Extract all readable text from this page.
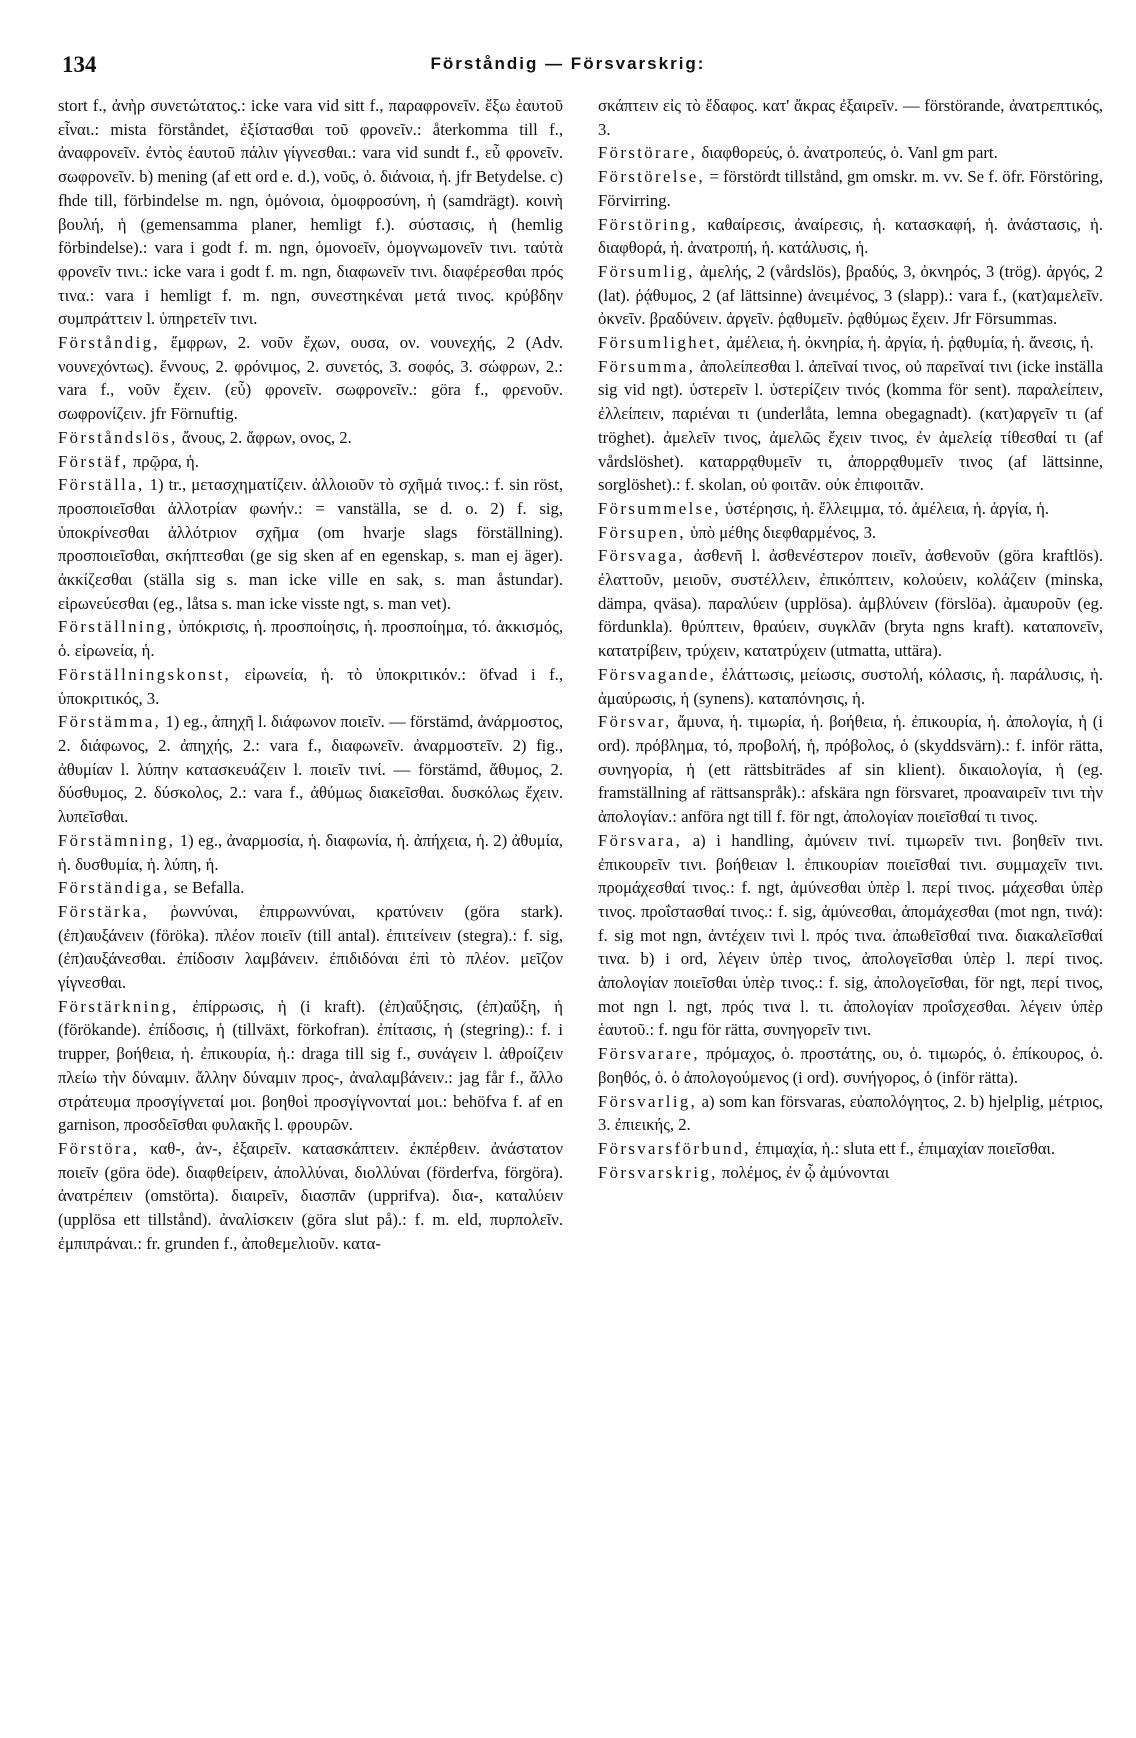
134	Förståndig — Försvarskrig:

stort f., ἀνὴρ συνετώτατος.: icke vara vid sitt f., παραφρονεῖν. ἔξω ἑαυτοῦ εἶναι.: mista förståndet, ἐξίστασθαι τοῦ φρονεῖν.: återkomma till f., ἀναφρονεῖν. ἐντὸς ἑαυτοῦ πάλιν γίγνεσθαι.: vara vid sundt f., εὖ φρονεῖν. σωφρονεῖν. b) mening (af ett ord e. d.), νοῦς, ὁ. διάνοια, ἡ. jfr Betydelse. c) fhde till, förbindelse m. ngn, ὁμόνοια, ὁμοφροσύνη, ἡ (samdrägt). κοινὴ βουλή, ἡ (gemensamma planer, hemligt f.). σύστασις, ἡ (hemlig förbindelse).: vara i godt f. m. ngn, ὁμονοεῖν, ὁμογνωμονεῖν τινι. ταὐτὰ φρονεῖν τινι.: icke vara i godt f. m. ngn, διαφωνεῖν τινι. διαφέρεσθαι πρός τινα.: vara i hemligt f. m. ngn, συνεστηκέναι μετά τινος. κρύβδην συμπράττειν l. ὑπηρετεῖν τινι.

Förståndig, ἔμφρων, 2. νοῦν ἔχων, ουσα, ον. νουνεχής, 2 (Adv. νουνεχόντως). ἔννους, 2. φρόνιμος, 2. συνετός, 3. σοφός, 3. σώφρων, 2.: vara f., νοῦν ἔχειν. (εὖ) φρονεῖν. σωφρονεῖν.: göra f., φρενοῦν. σωφρονίζειν. jfr Förnuftig.

Förståndslös, ἄνους, 2. ἄφρων, ονος, 2.

Förstäf, πρῷρα, ἡ.

Förställa, 1) tr., μετασχηματίζειν. ἀλλοιοῦν τὸ σχῆμά τινος.: f. sin röst, προσποιεῖσθαι ἀλλοτρίαν φωνήν.: = vanställa, se d. o. 2) f. sig, ὑποκρίνεσθαι ἀλλότριον σχῆμα (om hvarje slags förställning). προσποιεῖσθαι, σκήπτεσθαι (ge sig sken af en egenskap, s. man ej äger). ἀκκίζεσθαι (ställa sig s. man icke ville en sak, s. man åstundar). εἰρωνεύεσθαι (eg., låtsa s. man icke visste ngt, s. man vet).

Förställning, ὑπόκρισις, ἡ. προσποίησις, ἡ. προσποίημα, τό. ἀκκισμός, ὁ. εἰρωνεία, ἡ.

Förställningskonst, εἰρωνεία, ἡ. τὸ ὑποκριτικόν.: öfvad i f., ὑποκριτικός, 3.

Förstämma, 1) eg., ἀπηχῆ l. διάφωνον ποιεῖν. — förstämd, ἀνάρμοστος, 2. διάφωνος, 2. ἀπηχής, 2.: vara f., διαφωνεῖν. ἀναρμοστεῖν. 2) fig., ἀθυμίαν l. λύπην κατασκευάζειν l. ποιεῖν τινί. — förstämd, ἄθυμος, 2. δύσθυμος, 2. δύσκολος, 2.: vara f., ἀθύμως διακεῖσθαι. δυσκόλως ἔχειν. λυπεῖσθαι.

Förstämning, 1) eg., ἀναρμοσία, ἡ. διαφωνία, ἡ. ἀπήχεια, ἡ. 2) ἀθυμία, ἡ. δυσθυμία, ἡ. λύπη, ἡ.

Förständiga, se Befalla.

Förstärka, ῥωννύναι, ἐπιρρωννύναι, κρατύνειν (göra stark). (ἐπ)αυξάνειν (föröka). πλέον ποιεῖν (till antal). ἐπιτείνειν (stegra).: f. sig, (ἐπ)αυξάνεσθαι. ἐπίδοσιν λαμβάνειν. ἐπιδιδόναι ἐπὶ τὸ πλέον. μεῖζον γίγνεσθαι.

Förstärkning, ἐπίρρωσις, ἡ (i kraft). (ἐπ)αὔξησις, (ἐπ)αὔξη, ἡ (förökande). ἐπίδοσις, ἡ (tillväxt, förkofran). ἐπίτασις, ἡ (stegring).: f. i trupper, βοήθεια, ἡ. ἐπικουρία, ἡ.: draga till sig f., συνάγειν l. ἀθροίζειν πλείω τὴν δύναμιν. ἄλλην δύναμιν προς-, ἀναλαμβάνειν.: jag får f., ἄλλο στράτευμα προσγίγνεταί μοι. βοηθοὶ προσγίγνονταί μοι.: behöfva f. af en garnison, προσδεῖσθαι φυλακῆς l. φρουρῶν.

Förstöra, καθ-, ἀν-, ἐξαιρεῖν. κατασκάπτειν. ἐκπέρθειν. ἀνάστατον ποιεῖν (göra öde). διαφθείρειν, ἀπολλύναι, διολλύναι (förderfva, förgöra). ἀνατρέπειν (omstörta). διαιρεῖν, διασπᾶν (upprifva). δια-, καταλύειν (upplösa ett tillstånd). ἀναλίσκειν (göra slut på).: f. m. eld, πυρπολεῖν. ἐμπιπράναι.: fr. grunden f., ἀποθεμελιοῦν. κατα-

σκάπτειν εἰς τὸ ἔδαφος. κατ' ἄκρας ἐξαιρεῖν. — förstörande, ἀνατρεπτικός, 3.

Förstörare, διαφθορεύς, ὁ. ἀνατροπεύς, ὁ. Vanl gm part.

Förstörelse, = förstördt tillstånd, gm omskr. m. vv. Se f. öfr. Förstöring, Förvirring.

Förstöring, καθαίρεσις, ἀναίρεσις, ἡ. κατασκαφή, ἡ. ἀνάστασις, ἡ. διαφθορά, ἡ. ἀνατροπή, ἡ. κατάλυσις, ἡ.

Försumlig, ἀμελής, 2 (vårdslös), βραδύς, 3, ὀκνηρός, 3 (trög). ἀργός, 2 (lat). ῥᾴθυμος, 2 (af lättsinne) ἀνειμένος, 3 (slapp).: vara f., (κατ)αμελεῖν. ὀκνεῖν. βραδύνειν. ἀργεῖν. ῥᾳθυμεῖν. ῥᾳθύμως ἔχειν. Jfr Försummas.

Försumlighet, ἀμέλεια, ἡ. ὀκνηρία, ἡ. ἀργία, ἡ. ῥᾳθυμία, ἡ. ἄνεσις, ἡ.

Försumma, ἀπολείπεσθαι l. ἀπεῖναί τινος, οὐ παρεῖναί τινι (icke inställa sig vid ngt). ὑστερεῖν l. ὑστερίζειν τινός (komma för sent). παραλείπειν, ἐλλείπειν, παριέναι τι (underlåta, lemna obegagnadt). (κατ)αργεῖν τι (af tröghet). ἀμελεῖν τινος, ἀμελῶς ἔχειν τινος, ἐν ἀμελείᾳ τίθεσθαί τι (af vårdslöshet). καταρρᾳθυμεῖν τι, ἀπορρᾳθυμεῖν τινος (af lättsinne, sorglöshet).: f. skolan, οὐ φοιτᾶν. οὐκ ἐπιφοιτᾶν.

Försummelse, ὑστέρησις, ἡ. ἔλλειμμα, τό. ἀμέλεια, ἡ. ἀργία, ἡ.

Försupen, ὑπὸ μέθης διεφθαρμένος, 3.

Försvaga, ἀσθενῆ l. ἀσθενέστερον ποιεῖν, ἀσθενοῦν (göra kraftlös). ἐλαττοῦν, μειοῦν, συστέλλειν, ἐπικόπτειν, κολούειν, κολάζειν (minska, dämpa, qväsa). παραλύειν (upplösa). ἀμβλύνειν (förslöa). ἀμαυροῦν (eg. fördunkla). θρύπτειν, θραύειν, συγκλᾶν (bryta ngns kraft). καταπονεῖν, κατατρίβειν, τρύχειν, κατατρύχειν (utmatta, uttära).

Försvagande, ἐλάττωσις, μείωσις, συστολή, κόλασις, ἡ. παράλυσις, ἡ. ἀμαύρωσις, ἡ (synens). καταπόνησις, ἡ.

Försvar, ἄμυνα, ἡ. τιμωρία, ἡ. βοήθεια, ἡ. ἐπικουρία, ἡ. ἀπολογία, ἡ (i ord). πρόβλημα, τό, προβολή, ἡ, πρόβολος, ὁ (skyddsvärn).: f. inför rätta, συνηγορία, ἡ (ett rättsbiträdes af sin klient). δικαιολογία, ἡ (eg. framställning af rättsanspråk).: afskära ngn försvaret, προαναιρεῖν τινι τὴν ἀπολογίαν.: anföra ngt till f. för ngt, ἀπολογίαν ποιεῖσθαί τι τινος.

Försvara, a) i handling, ἀμύνειν τινί. τιμωρεῖν τινι. βοηθεῖν τινι. ἐπικουρεῖν τινι. βοήθειαν l. ἐπικουρίαν ποιεῖσθαί τινι. συμμαχεῖν τινι. προμάχεσθαί τινος.: f. ngt, ἀμύνεσθαι ὑπὲρ l. περί τινος. μάχεσθαι ὑπὲρ τινος. προΐστασθαί τινος.: f. sig, ἀμύνεσθαι, ἀπομάχεσθαι (mot ngn, τινά): f. sig mot ngn, ἀντέχειν τινὶ l. πρός τινα. ἀπωθεῖσθαί τινα. διακαλεῖσθαί τινα. b) i ord, λέγειν ὑπὲρ τινος, ἀπολογεῖσθαι ὑπὲρ l. περί τινος. ἀπολογίαν ποιεῖσθαι ὑπὲρ τινος.: f. sig, ἀπολογεῖσθαι, för ngt, περί τινος, mot ngn l. ngt, πρός τινα l. τι. ἀπολογίαν προΐσχεσθαι. λέγειν ὑπὲρ ἑαυτοῦ.: f. ngu för rätta, συνηγορεῖν τινι.

Försvarare, πρόμαχος, ὁ. προστάτης, ου, ὁ. τιμωρός, ὁ. ἐπίκουρος, ὁ. βοηθός, ὁ. ὁ ἀπολογούμενος (i ord). συνήγορος, ὁ (inför rätta).

Försvarlig, a) som kan försvaras, εὐαπολόγητος, 2. b) hjelplig, μέτριος, 3. ἐπιεικής, 2.

Försvarsförbund, ἐπιμαχία, ἡ.: sluta ett f., ἐπιμαχίαν ποιεῖσθαι.

Försvarskrig, πολέμος, ἐν ᾧ ἀμύνονται
